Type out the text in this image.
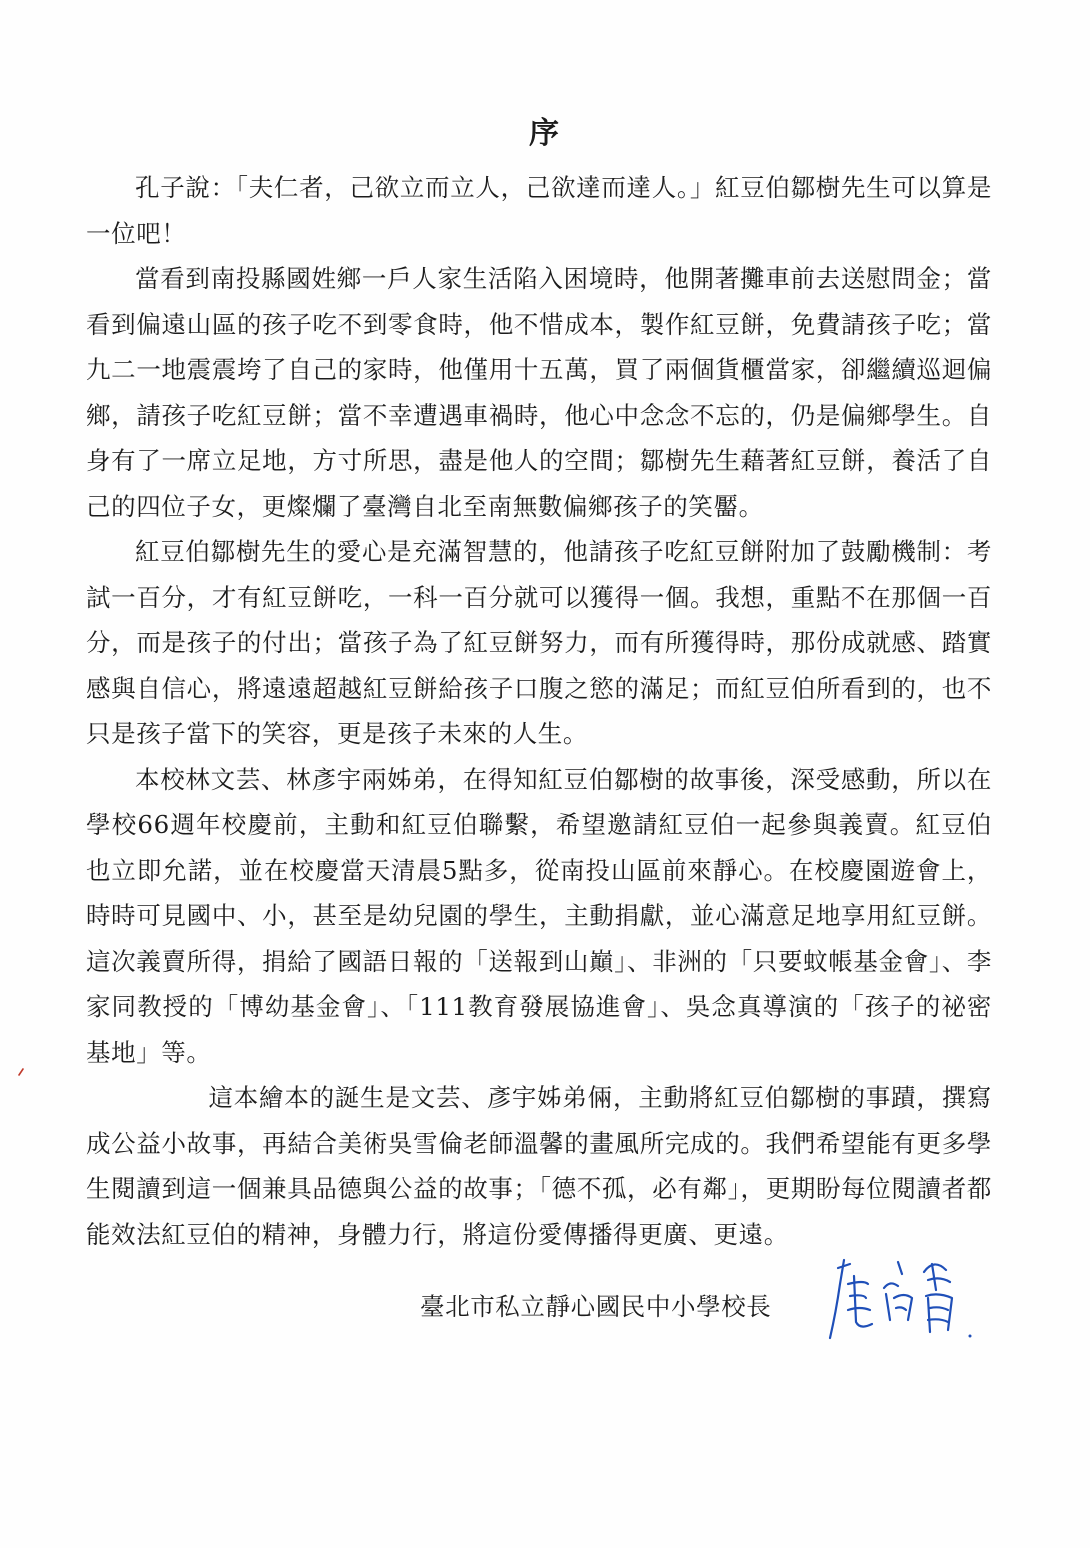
序

孔子說：「夫仁者，己欲立而立人，己欲達而達人。」紅豆伯鄒樹先生可以算是一位吧！

當看到南投縣國姓鄉一戶人家生活陷入困境時，他開著攤車前去送慰問金；當看到偏遠山區的孩子吃不到零食時，他不惜成本，製作紅豆餅，免費請孩子吃；當九二一地震震垮了自己的家時，他僅用十五萬，買了兩個貨櫃當家，卻繼續巡迴偏鄉，請孩子吃紅豆餅；當不幸遭遇車禍時，他心中念念不忘的，仍是偏鄉學生。自身有了一席立足地，方寸所思，盡是他人的空間；鄒樹先生藉著紅豆餅，養活了自己的四位子女，更燦爛了臺灣自北至南無數偏鄉孩子的笑靨。

紅豆伯鄒樹先生的愛心是充滿智慧的，他請孩子吃紅豆餅附加了鼓勵機制：考試一百分，才有紅豆餅吃，一科一百分就可以獲得一個。我想，重點不在那個一百分，而是孩子的付出；當孩子為了紅豆餅努力，而有所獲得時，那份成就感、踏實感與自信心，將遠遠超越紅豆餅給孩子口腹之慾的滿足；而紅豆伯所看到的，也不只是孩子當下的笑容，更是孩子未來的人生。

本校林文芸、林彥宇兩姊弟，在得知紅豆伯鄒樹的故事後，深受感動，所以在學校66週年校慶前，主動和紅豆伯聯繫，希望邀請紅豆伯一起參與義賣。紅豆伯也立即允諾，並在校慶當天清晨5點多，從南投山區前來靜心。在校慶園遊會上，時時可見國中、小，甚至是幼兒園的學生，主動捐獻，並心滿意足地享用紅豆餅。這次義賣所得，捐給了國語日報的「送報到山巔」、非洲的「只要蚊帳基金會」、李家同教授的「博幼基金會」、「111教育發展協進會」、吳念真導演的「孩子的祕密基地」等。

這本繪本的誕生是文芸、彥宇姊弟倆，主動將紅豆伯鄒樹的事蹟，撰寫成公益小故事，再結合美術吳雪倫老師溫馨的畫風所完成的。我們希望能有更多學生閱讀到這一個兼具品德與公益的故事；「德不孤，必有鄰」，更期盼每位閱讀者都能效法紅豆伯的精神，身體力行，將這份愛傳播得更廣、更遠。

臺北市私立靜心國民中小學校長
